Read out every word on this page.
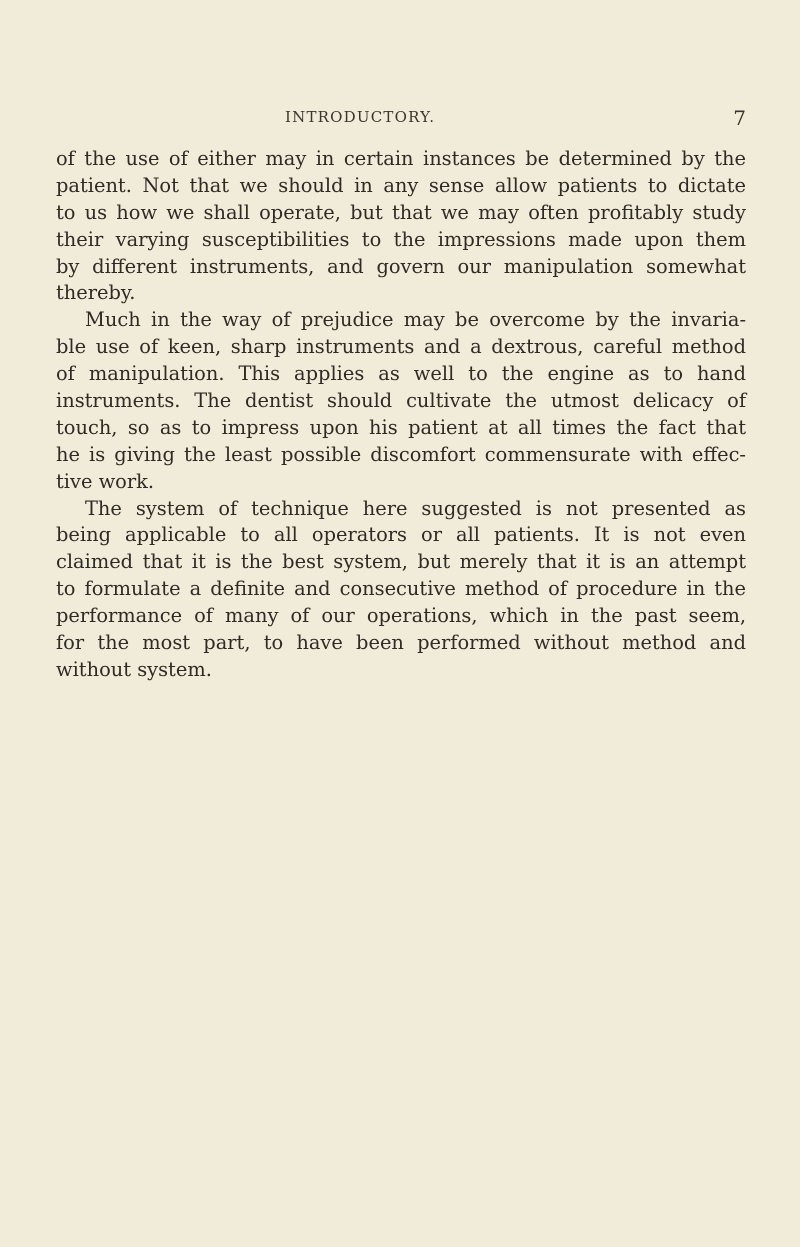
INTRODUCTORY.	7
of the use of either may in certain instances be determined by the
patient. Not that we should in any sense allow patients to dictate
to us how we shall operate, but that we may often profitably study
their varying susceptibilities to the impressions made upon them
by different instruments, and govern our manipulation somewhat
thereby.
Much in the way of prejudice may be overcome by the invaria-
ble use of keen, sharp instruments and a dextrous, careful method
of manipulation. This applies as well to the engine as to hand
instruments. The dentist should cultivate the utmost delicacy of
touch, so as to impress upon his patient at all times the fact that
he is giving the least possible discomfort commensurate with effec-
tive work.
The system of technique here suggested is not presented as
being applicable to all operators or all patients. It is not even
claimed that it is the best system, but merely that it is an attempt
to formulate a definite and consecutive method of procedure in the
performance of many of our operations, which in the past seem,
for the most part, to have been performed without method and
without system.
